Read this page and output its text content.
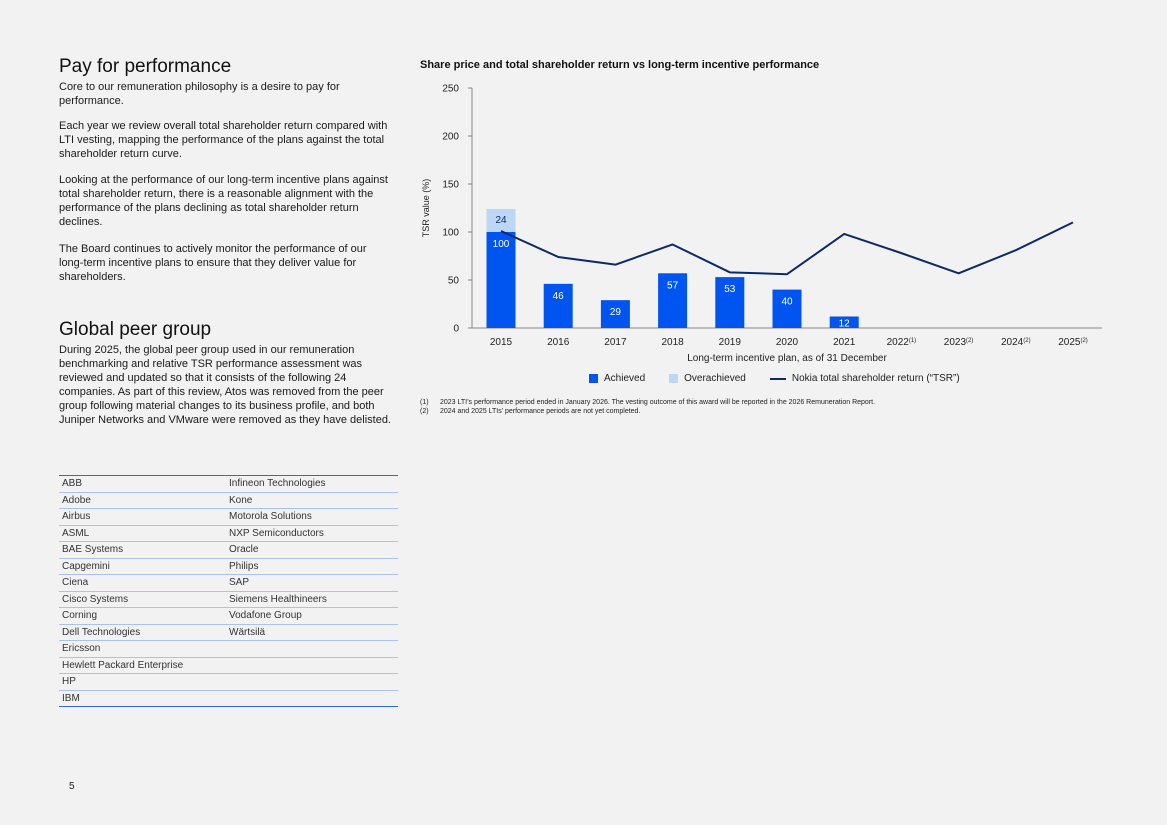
Pay for performance

Core to our remuneration philosophy is a desire to pay for performance.

Each year we review overall total shareholder return compared with LTI vesting, mapping the performance of the plans against the total shareholder return curve.

Looking at the performance of our long-term incentive plans against total shareholder return, there is a reasonable alignment with the performance of the plans declining as total shareholder return declines.

The Board continues to actively monitor the performance of our long-term incentive plans to ensure that they deliver value for shareholders.

Global peer group

During 2025, the global peer group used in our remuneration benchmarking and relative TSR performance assessment was reviewed and updated so that it consists of the following 24 companies. As part of this review, Atos was removed from the peer group following material changes to its business profile, and both Juniper Networks and VMware were removed as they have delisted.

ABB	Infineon Technologies
Adobe	Kone
Airbus	Motorola Solutions
ASML	NXP Semiconductors
BAE Systems	Oracle
Capgemini	Philips
Ciena	SAP
Cisco Systems	Siemens Healthineers
Corning	Vodafone Group
Dell Technologies	Wärtsilä
Ericsson	
Hewlett Packard Enterprise	
HP	
IBM	
5
Share price and total shareholder return vs long-term incentive performance
0
50
100
150
200
250
TSR value (%)
2015	2016	2017	2018	2019	2020	2021	2022$^{(1)}$	2023$^{(2)}$	2024$^{(2)}$	2025$^{(2)}$
Long-term incentive plan, as of 31 December
24
100
46
29
57	53
40
12
Achieved	Overachieved	Nokia total shareholder return (“TSR”)
(1)	2023 LTI’s performance period ended in January 2026. The vesting outcome of this award will be reported in the 2026 Remuneration Report.
(2)	2024 and 2025 LTIs’ performance periods are not yet completed.
